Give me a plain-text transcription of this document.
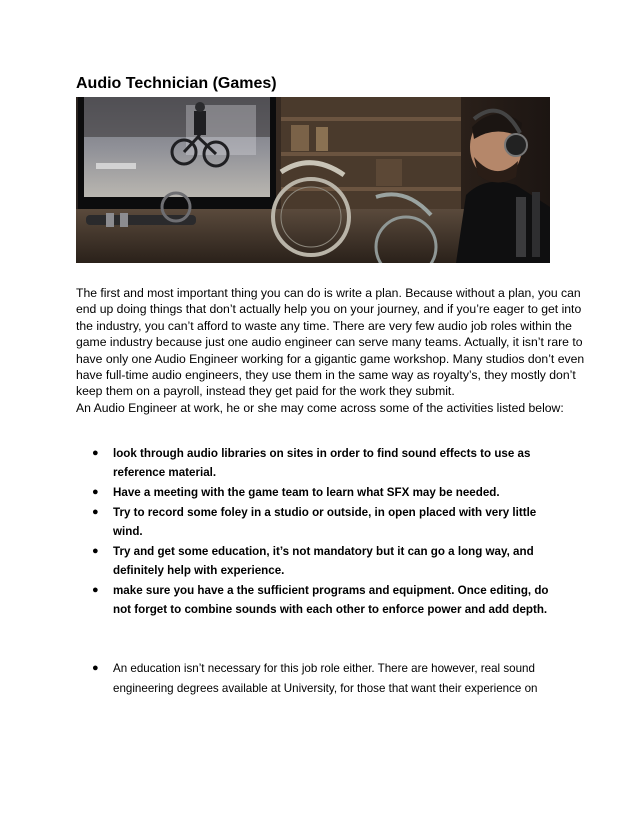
Audio Technician (Games)

The first and most important thing you can do is write a plan. Because without a plan, you can end up doing things that don’t actually help you on your journey, and if you’re eager to get into the industry, you can’t afford to waste any time. There are very few audio job roles within the game industry because just one audio engineer can serve many teams. Actually, it isn’t rare to have only one Audio Engineer working for a gigantic game workshop. Many studios don’t even have full-time audio engineers, they use them in the same way as royalty’s, they mostly don’t keep them on a payroll, instead they get paid for the work they submit.

An Audio Engineer at work, he or she may come across some of the activities listed below:

● look through audio libraries on sites in order to find sound effects to use as reference material.
● Have a meeting with the game team to learn what SFX may be needed.
● Try to record some foley in a studio or outside, in open placed with very little wind.
● Try and get some education, it’s not mandatory but it can go a long way, and definitely help with experience.
● make sure you have a the sufficient programs and equipment. Once editing, do not forget to combine sounds with each other to enforce power and add depth.
● An education isn’t necessary for this job role either. There are however, real sound engineering degrees available at University, for those that want their experience on
